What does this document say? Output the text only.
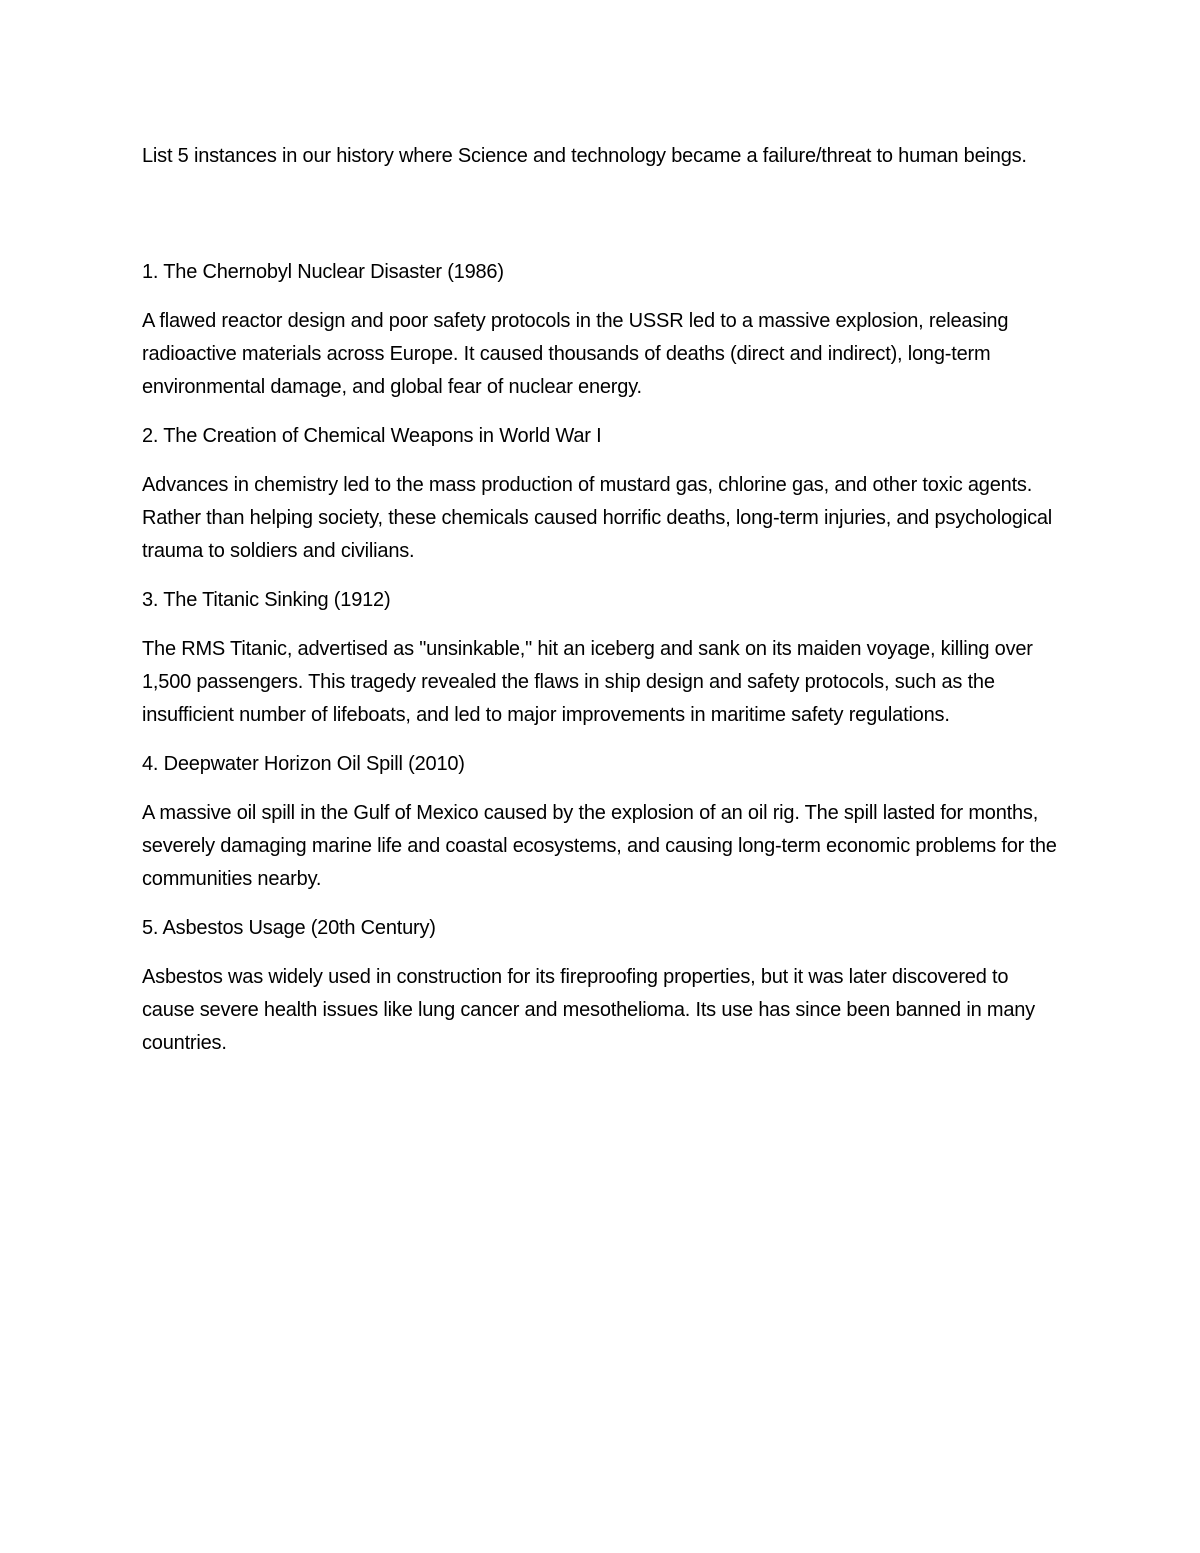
List 5 instances in our history where Science and technology became a failure/threat to human beings.

1. The Chernobyl Nuclear Disaster (1986)

A flawed reactor design and poor safety protocols in the USSR led to a massive explosion, releasing radioactive materials across Europe. It caused thousands of deaths (direct and indirect), long-term environmental damage, and global fear of nuclear energy.

2. The Creation of Chemical Weapons in World War I

Advances in chemistry led to the mass production of mustard gas, chlorine gas, and other toxic agents. Rather than helping society, these chemicals caused horrific deaths, long-term injuries, and psychological trauma to soldiers and civilians.

3. The Titanic Sinking (1912)

The RMS Titanic, advertised as "unsinkable," hit an iceberg and sank on its maiden voyage, killing over 1,500 passengers. This tragedy revealed the flaws in ship design and safety protocols, such as the insufficient number of lifeboats, and led to major improvements in maritime safety regulations.

4. Deepwater Horizon Oil Spill (2010)

A massive oil spill in the Gulf of Mexico caused by the explosion of an oil rig. The spill lasted for months, severely damaging marine life and coastal ecosystems, and causing long-term economic problems for the communities nearby.

5. Asbestos Usage (20th Century)

Asbestos was widely used in construction for its fireproofing properties, but it was later discovered to cause severe health issues like lung cancer and mesothelioma. Its use has since been banned in many countries.
